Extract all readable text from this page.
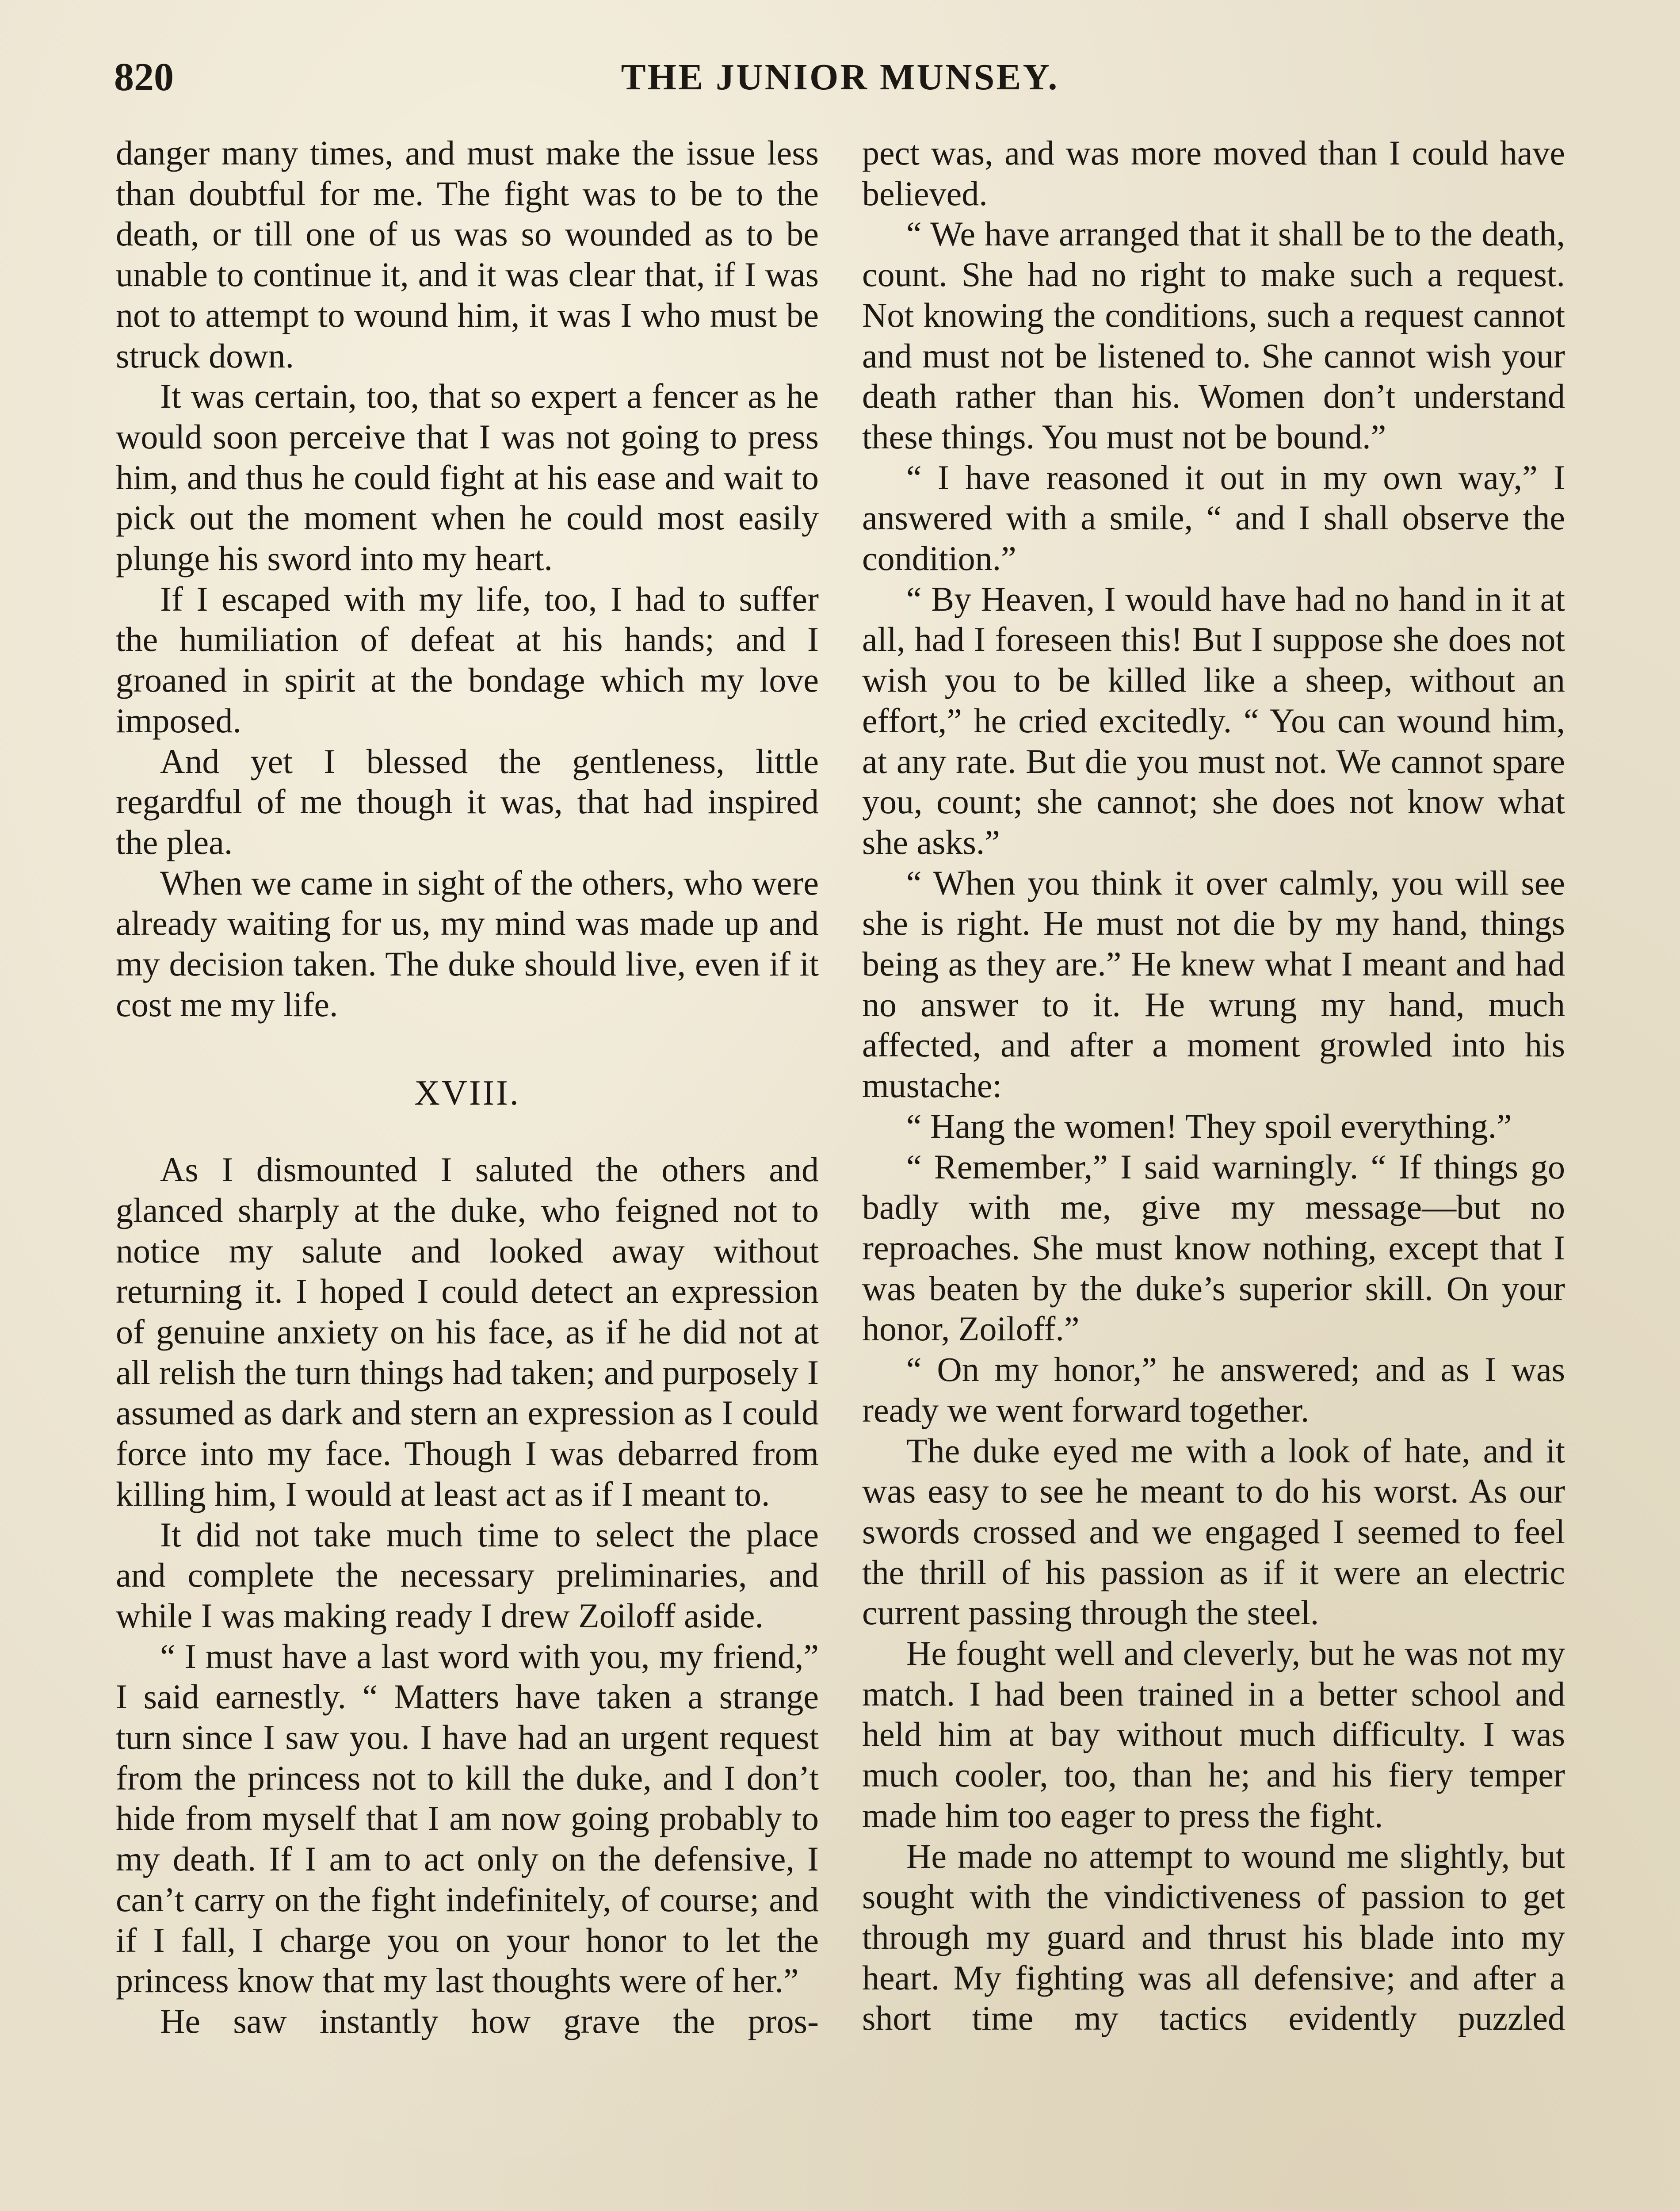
820	THE JUNIOR MUNSEY.

danger many times, and must make the issue less than doubtful for me. The fight was to be to the death, or till one of us was so wounded as to be unable to continue it, and it was clear that, if I was not to attempt to wound him, it was I who must be struck down.

It was certain, too, that so expert a fencer as he would soon perceive that I was not going to press him, and thus he could fight at his ease and wait to pick out the moment when he could most easily plunge his sword into my heart.

If I escaped with my life, too, I had to suffer the humiliation of defeat at his hands; and I groaned in spirit at the bondage which my love imposed.

And yet I blessed the gentleness, little regardful of me though it was, that had inspired the plea.

When we came in sight of the others, who were already waiting for us, my mind was made up and my decision taken. The duke should live, even if it cost me my life.

XVIII.

As I dismounted I saluted the others and glanced sharply at the duke, who feigned not to notice my salute and looked away without returning it. I hoped I could detect an expression of genuine anxiety on his face, as if he did not at all relish the turn things had taken; and purposely I assumed as dark and stern an expression as I could force into my face. Though I was debarred from killing him, I would at least act as if I meant to.

It did not take much time to select the place and complete the necessary preliminaries, and while I was making ready I drew Zoiloff aside.

“ I must have a last word with you, my friend,” I said earnestly. “ Matters have taken a strange turn since I saw you. I have had an urgent request from the princess not to kill the duke, and I don’t hide from myself that I am now going probably to my death. If I am to act only on the defensive, I can’t carry on the fight indefinitely, of course; and if I fall, I charge you on your honor to let the princess know that my last thoughts were of her.”

He saw instantly how grave the pros-

pect was, and was more moved than I could have believed.

“ We have arranged that it shall be to the death, count. She had no right to make such a request. Not knowing the conditions, such a request cannot and must not be listened to. She cannot wish your death rather than his. Women don’t understand these things. You must not be bound.”

“ I have reasoned it out in my own way,” I answered with a smile, “ and I shall observe the condition.”

“ By Heaven, I would have had no hand in it at all, had I foreseen this! But I suppose she does not wish you to be killed like a sheep, without an effort,” he cried excitedly. “ You can wound him, at any rate. But die you must not. We cannot spare you, count; she cannot; she does not know what she asks.”

“ When you think it over calmly, you will see she is right. He must not die by my hand, things being as they are.” He knew what I meant and had no answer to it. He wrung my hand, much affected, and after a moment growled into his mustache:

“ Hang the women! They spoil everything.”

“ Remember,” I said warningly. “ If things go badly with me, give my message—but no reproaches. She must know nothing, except that I was beaten by the duke’s superior skill. On your honor, Zoiloff.”

“ On my honor,” he answered; and as I was ready we went forward together.

The duke eyed me with a look of hate, and it was easy to see he meant to do his worst. As our swords crossed and we engaged I seemed to feel the thrill of his passion as if it were an electric current passing through the steel.

He fought well and cleverly, but he was not my match. I had been trained in a better school and held him at bay without much difficulty. I was much cooler, too, than he; and his fiery temper made him too eager to press the fight.

He made no attempt to wound me slightly, but sought with the vindictiveness of passion to get through my guard and thrust his blade into my heart. My fighting was all defensive; and after a short time my tactics evidently puzzled
